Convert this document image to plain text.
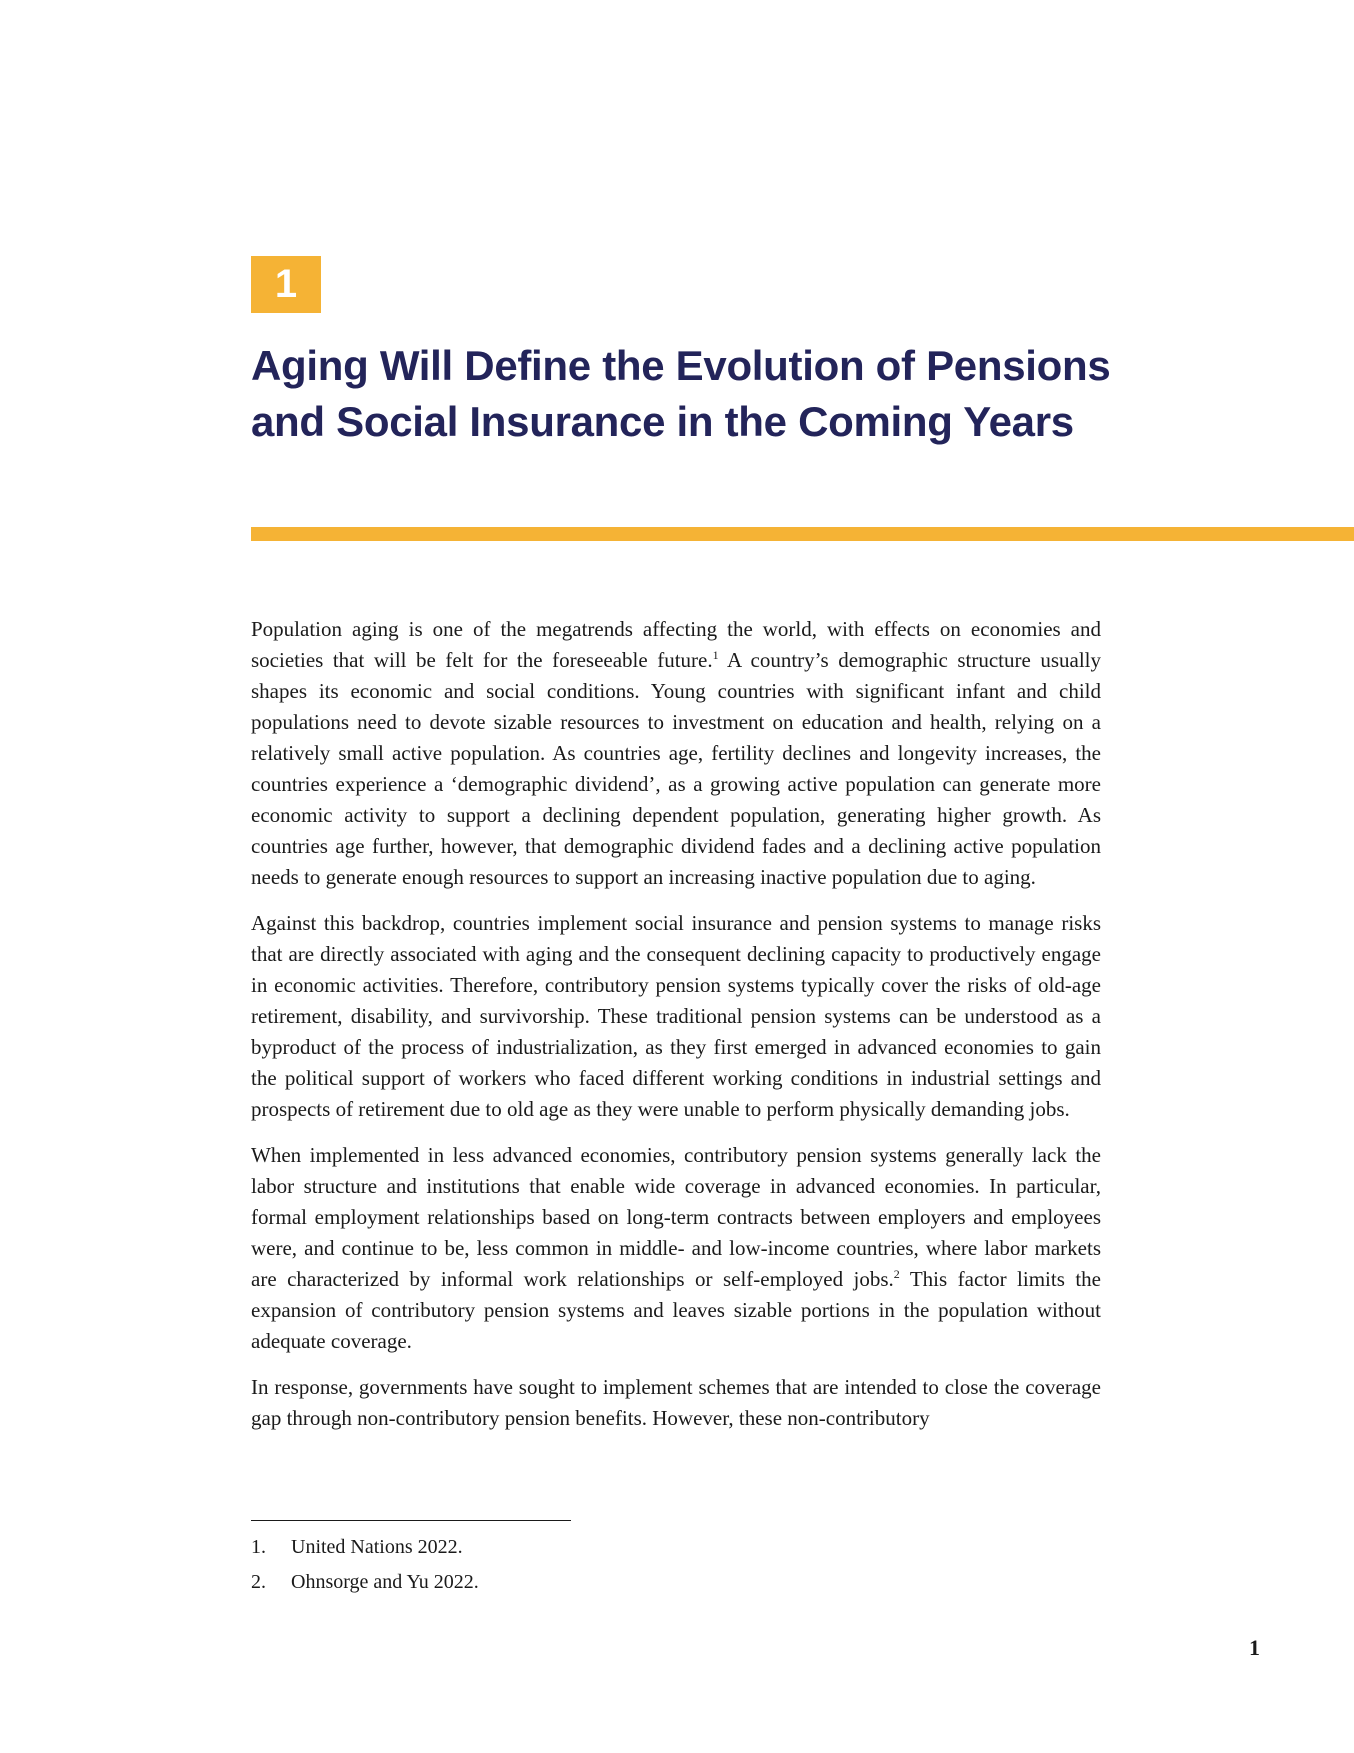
1
Aging Will Define the Evolution of Pensions
and Social Insurance in the Coming Years

Population aging is one of the megatrends affecting the world, with effects on economies and societies that will be felt for the foreseeable future.$^1$ A country’s demographic structure usually shapes its economic and social conditions. Young countries with significant infant and child populations need to devote sizable resources to investment on education and health, relying on a relatively small active population. As countries age, fertility declines and longevity increases, the countries experience a ‘demographic dividend’, as a growing active population can generate more economic activity to support a declining dependent population, generating higher growth. As countries age further, however, that demographic dividend fades and a declining active population needs to generate enough resources to support an increasing inactive population due to aging.

Against this backdrop, countries implement social insurance and pension systems to manage risks that are directly associated with aging and the consequent declining capacity to productively engage in economic activities. Therefore, contributory pension systems typically cover the risks of old-age retirement, disability, and survivorship. These traditional pension systems can be understood as a byproduct of the process of industrialization, as they first emerged in advanced economies to gain the political support of workers who faced different working conditions in industrial settings and prospects of retirement due to old age as they were unable to perform physically demanding jobs.

When implemented in less advanced economies, contributory pension systems generally lack the labor structure and institutions that enable wide coverage in advanced economies. In particular, formal employment relationships based on long-term contracts between employers and employees were, and continue to be, less common in middle- and low-income countries, where labor markets are characterized by informal work relationships or self-employed jobs.$^2$ This factor limits the expansion of contributory pension systems and leaves sizable portions in the population without adequate coverage.

In response, governments have sought to implement schemes that are intended to close the coverage gap through non-contributory pension benefits. However, these non-contributory

1.	United Nations 2022.
2.	Ohnsorge and Yu 2022.
1
